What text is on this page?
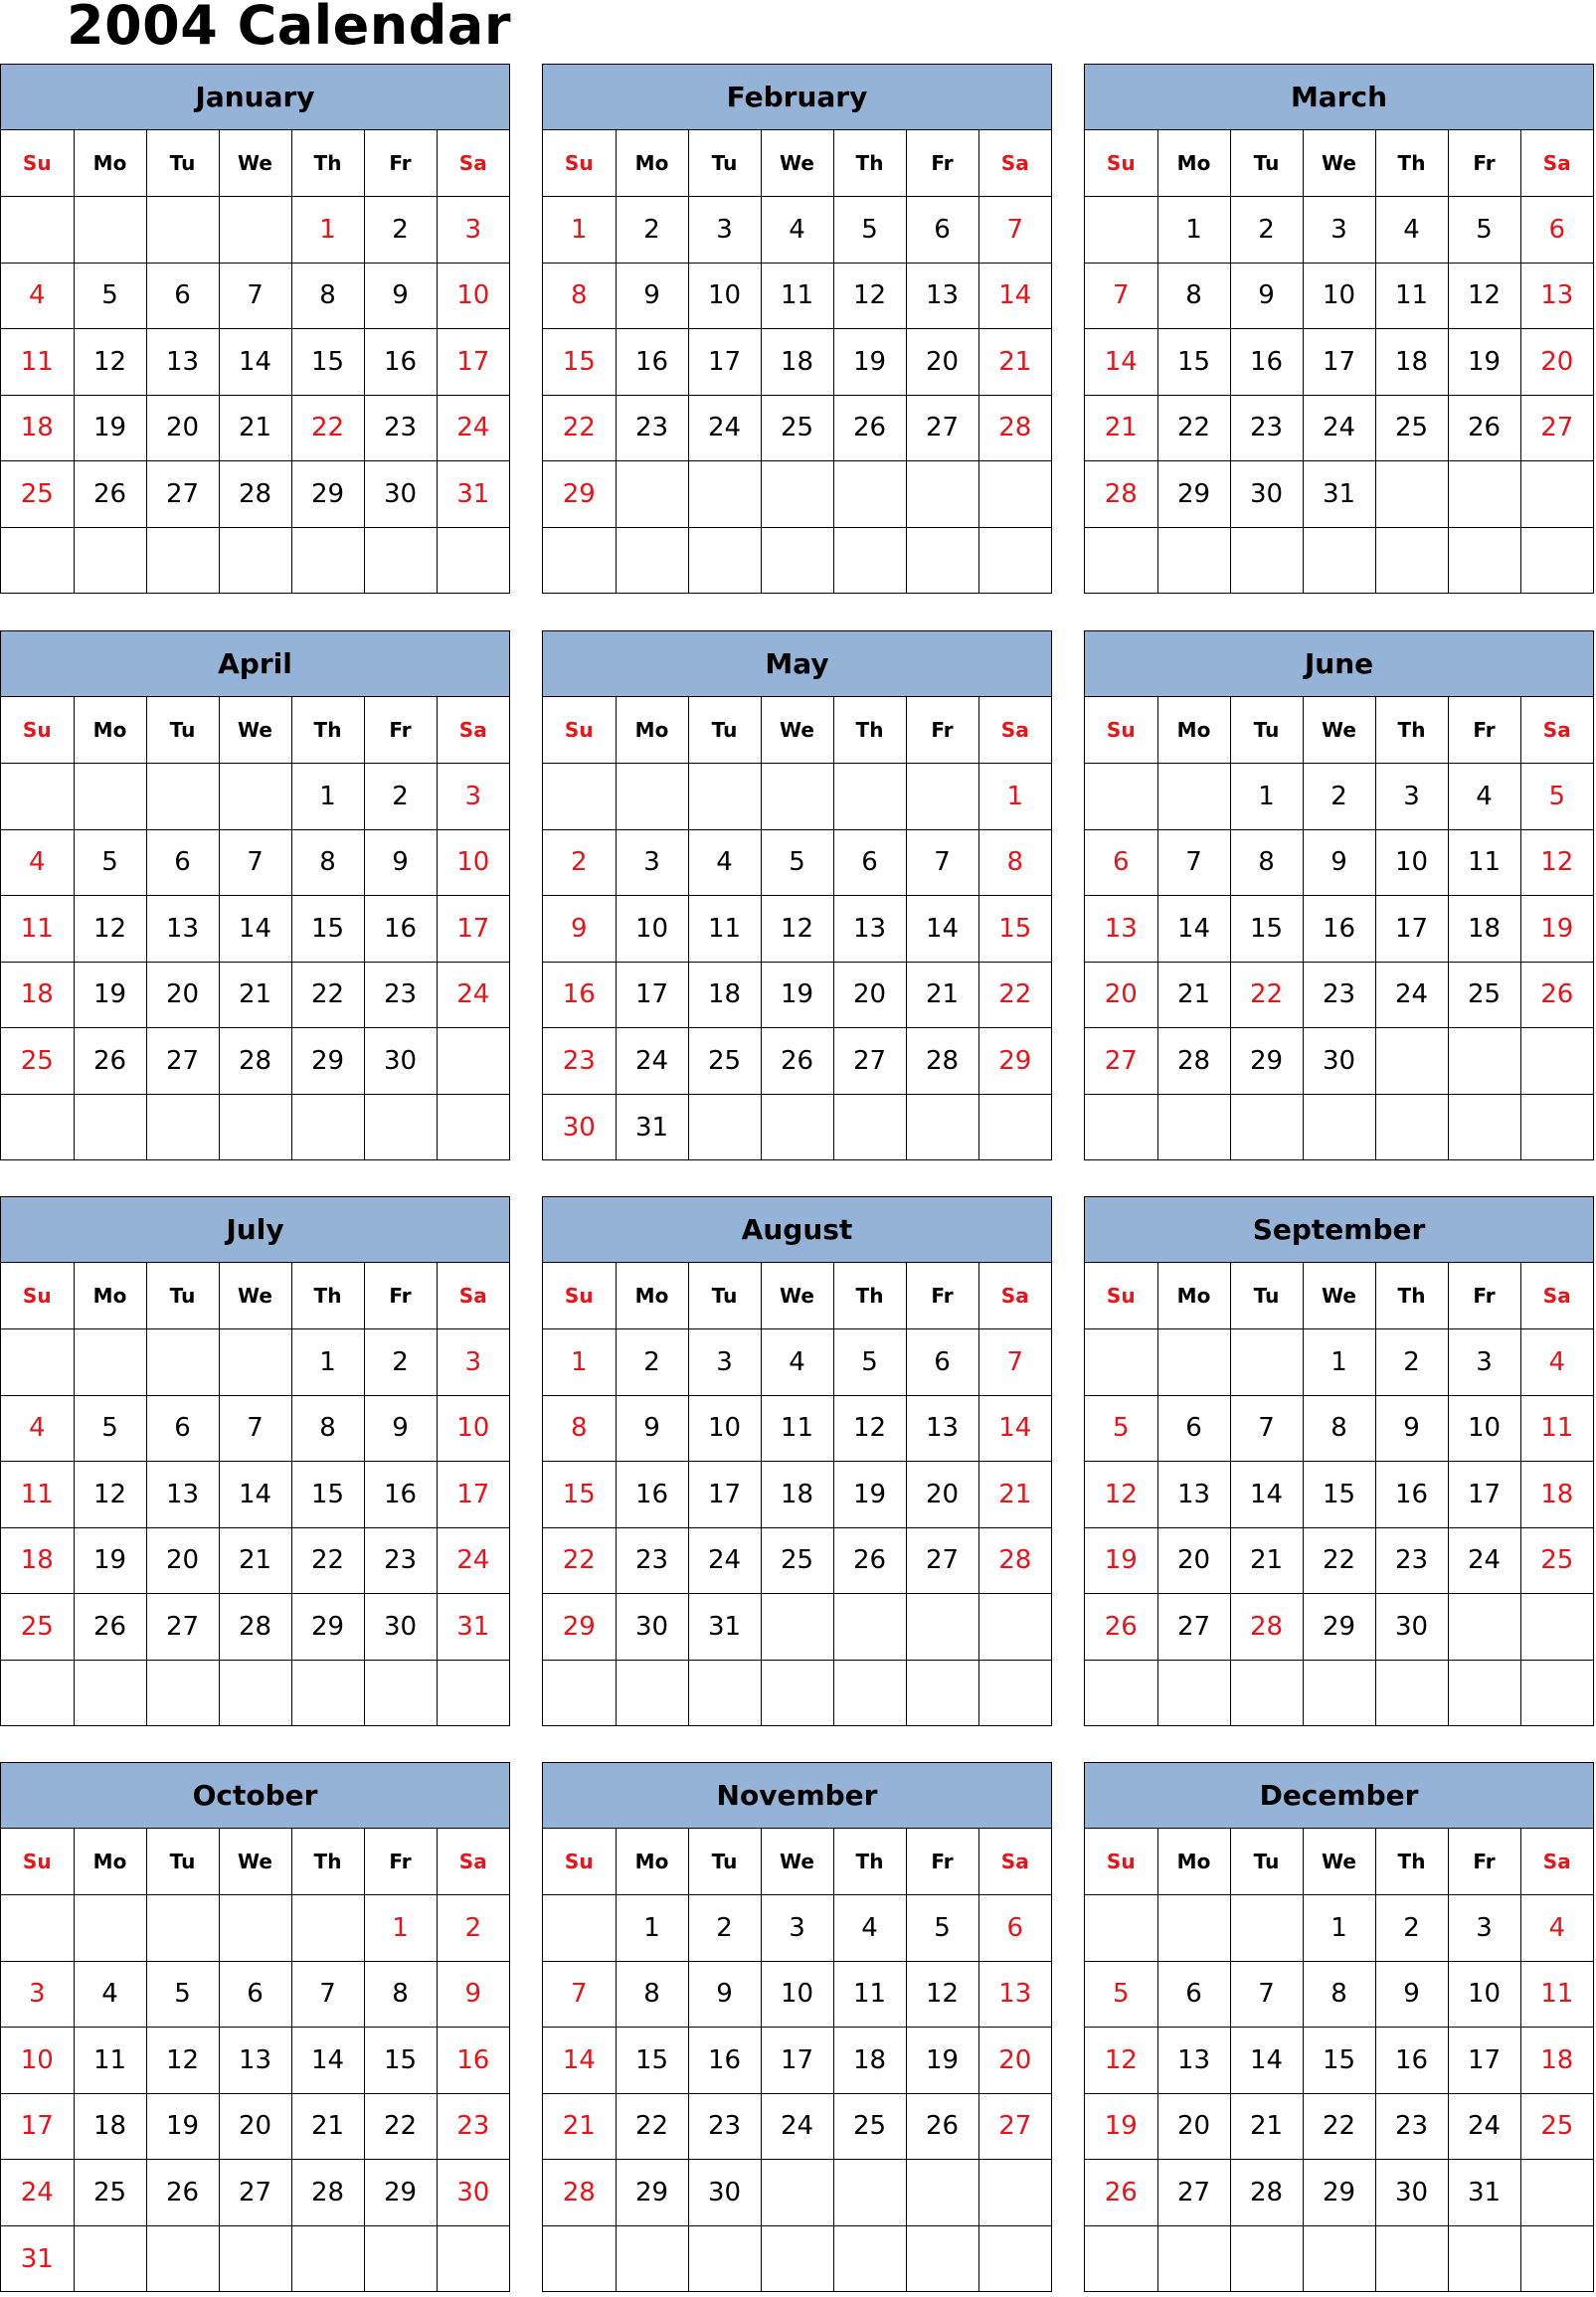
2004 Calendar
January
Su	Mo	Tu	We	Th	Fr	Sa
				1	2	3
4	5	6	7	8	9	10
11	12	13	14	15	16	17
18	19	20	21	22	23	24
25	26	27	28	29	30	31

February
Su	Mo	Tu	We	Th	Fr	Sa
1	2	3	4	5	6	7
8	9	10	11	12	13	14
15	16	17	18	19	20	21
22	23	24	25	26	27	28
29						

March
Su	Mo	Tu	We	Th	Fr	Sa
	1	2	3	4	5	6
7	8	9	10	11	12	13
14	15	16	17	18	19	20
21	22	23	24	25	26	27
28	29	30	31			

April
Su	Mo	Tu	We	Th	Fr	Sa
				1	2	3
4	5	6	7	8	9	10
11	12	13	14	15	16	17
18	19	20	21	22	23	24
25	26	27	28	29	30	

May
Su	Mo	Tu	We	Th	Fr	Sa
						1
2	3	4	5	6	7	8
9	10	11	12	13	14	15
16	17	18	19	20	21	22
23	24	25	26	27	28	29
30	31					
June
Su	Mo	Tu	We	Th	Fr	Sa
		1	2	3	4	5
6	7	8	9	10	11	12
13	14	15	16	17	18	19
20	21	22	23	24	25	26
27	28	29	30			

July
Su	Mo	Tu	We	Th	Fr	Sa
				1	2	3
4	5	6	7	8	9	10
11	12	13	14	15	16	17
18	19	20	21	22	23	24
25	26	27	28	29	30	31

August
Su	Mo	Tu	We	Th	Fr	Sa
1	2	3	4	5	6	7
8	9	10	11	12	13	14
15	16	17	18	19	20	21
22	23	24	25	26	27	28
29	30	31				

September
Su	Mo	Tu	We	Th	Fr	Sa
			1	2	3	4
5	6	7	8	9	10	11
12	13	14	15	16	17	18
19	20	21	22	23	24	25
26	27	28	29	30		

October
Su	Mo	Tu	We	Th	Fr	Sa
					1	2
3	4	5	6	7	8	9
10	11	12	13	14	15	16
17	18	19	20	21	22	23
24	25	26	27	28	29	30
31						
November
Su	Mo	Tu	We	Th	Fr	Sa
	1	2	3	4	5	6
7	8	9	10	11	12	13
14	15	16	17	18	19	20
21	22	23	24	25	26	27
28	29	30				

December
Su	Mo	Tu	We	Th	Fr	Sa
			1	2	3	4
5	6	7	8	9	10	11
12	13	14	15	16	17	18
19	20	21	22	23	24	25
26	27	28	29	30	31	
